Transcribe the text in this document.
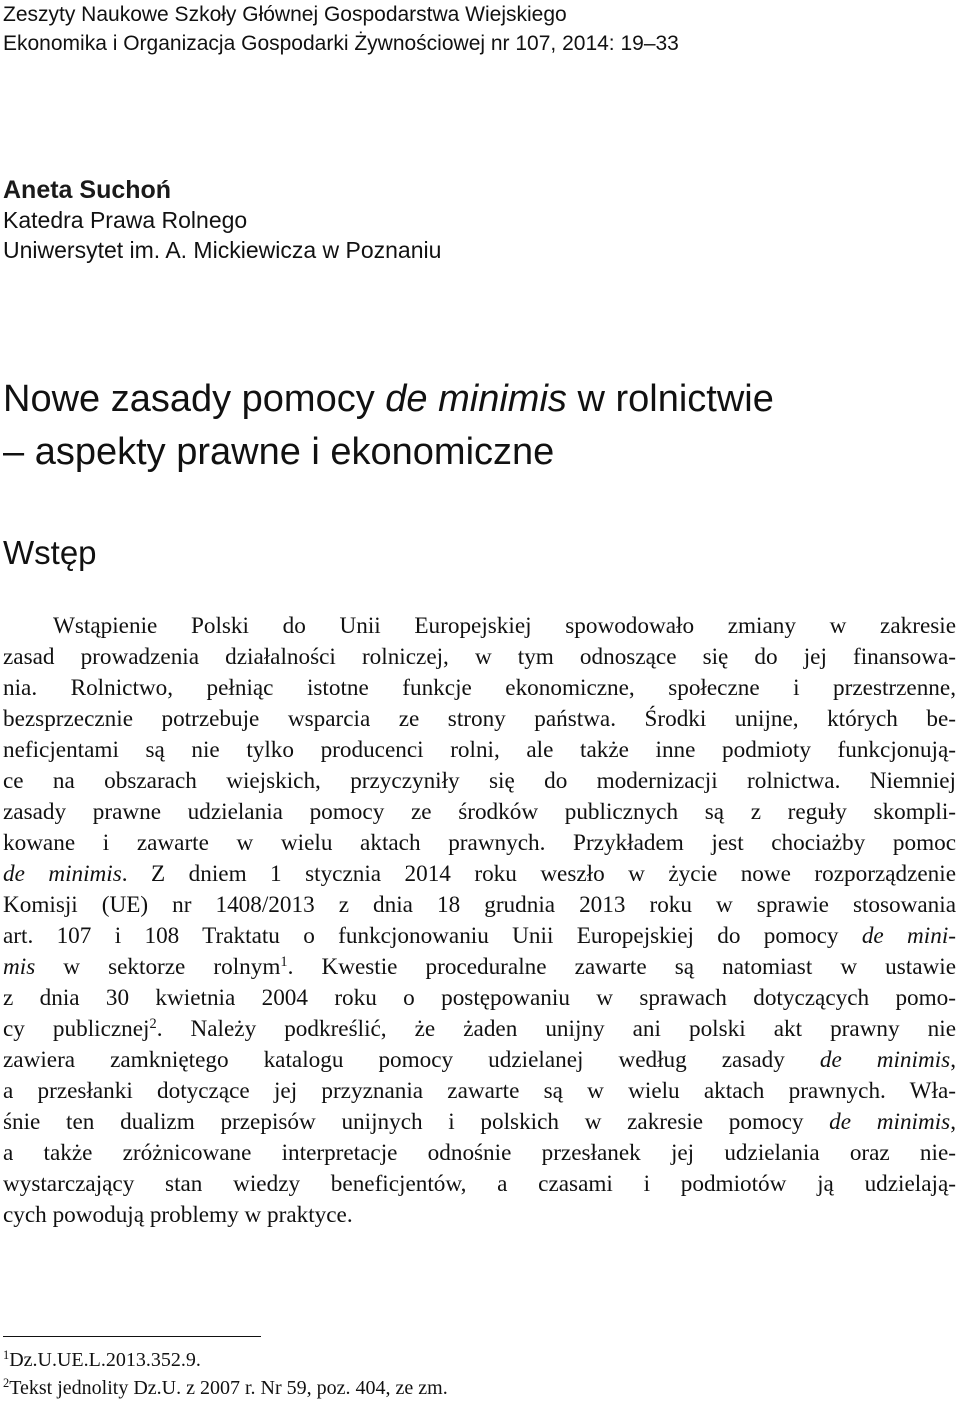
Zeszyty Naukowe Szkoły Głównej Gospodarstwa Wiejskiego
Ekonomika i Organizacja Gospodarki Żywnościowej nr 107, 2014: 19–33
Aneta Suchoń
Katedra Prawa Rolnego
Uniwersytet im. A. Mickiewicza w Poznaniu
Nowe zasady pomocy de minimis w rolnictwie
– aspekty prawne i ekonomiczne
Wstęp
Wstąpienie Polski do Unii Europejskiej spowodowało zmiany w zakresie
zasad prowadzenia działalności rolniczej, w tym odnoszące się do jej finansowa-
nia. Rolnictwo, pełniąc istotne funkcje ekonomiczne, społeczne i przestrzenne,
bezsprzecznie potrzebuje wsparcia ze strony państwa. Środki unijne, których be-
neficjentami są nie tylko producenci rolni, ale także inne podmioty funkcjonują-
ce na obszarach wiejskich, przyczyniły się do modernizacji rolnictwa. Niemniej
zasady prawne udzielania pomocy ze środków publicznych są z reguły skompli-
kowane i zawarte w wielu aktach prawnych. Przykładem jest chociażby pomoc
de minimis. Z dniem 1 stycznia 2014 roku weszło w życie nowe rozporządzenie
Komisji (UE) nr 1408/2013 z dnia 18 grudnia 2013 roku w sprawie stosowania
art. 107 i 108 Traktatu o funkcjonowaniu Unii Europejskiej do pomocy de mini-
mis w sektorze rolnym$^1$. Kwestie proceduralne zawarte są natomiast w ustawie
z dnia 30 kwietnia 2004 roku o postępowaniu w sprawach dotyczących pomo-
cy publicznej$^2$. Należy podkreślić, że żaden unijny ani polski akt prawny nie
zawiera zamkniętego katalogu pomocy udzielanej według zasady de minimis,
a przesłanki dotyczące jej przyznania zawarte są w wielu aktach prawnych. Wła-
śnie ten dualizm przepisów unijnych i polskich w zakresie pomocy de minimis,
a także zróżnicowane interpretacje odnośnie przesłanek jej udzielania oraz nie-
wystarczający stan wiedzy beneficjentów, a czasami i podmiotów ją udzielają-
cych powodują problemy w praktyce.
$^1$Dz.U.UE.L.2013.352.9.
$^2$Tekst jednolity Dz.U. z 2007 r. Nr 59, poz. 404, ze zm.
